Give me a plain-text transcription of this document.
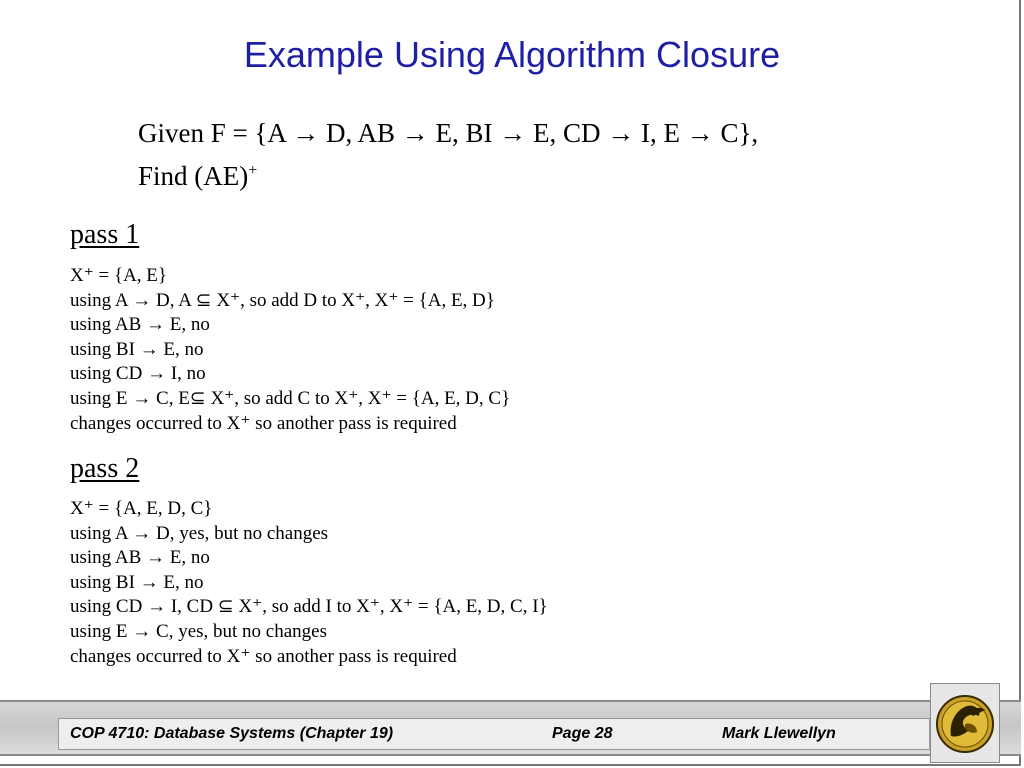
Example Using Algorithm Closure
Given F = {A → D, AB → E, BI → E, CD → I, E → C},
Find (AE)+
pass 1
X⁺ = {A, E}
using A → D, A ⊆ X⁺, so add D to X⁺, X⁺ = {A, E, D}
using AB → E, no
using BI → E, no
using CD → I, no
using E → C, E⊆ X⁺, so add C to X⁺, X⁺ = {A, E, D, C}
changes occurred to X⁺ so another pass is required
pass 2
X⁺ = {A, E, D, C}
using A → D, yes, but no changes
using AB → E, no
using BI → E, no
using CD → I, CD ⊆ X⁺, so add I to X⁺, X⁺ = {A, E, D, C, I}
using E → C, yes, but no changes
changes occurred to X⁺ so another pass is required
COP 4710: Database Systems (Chapter 19)	Page 28	Mark Llewellyn
